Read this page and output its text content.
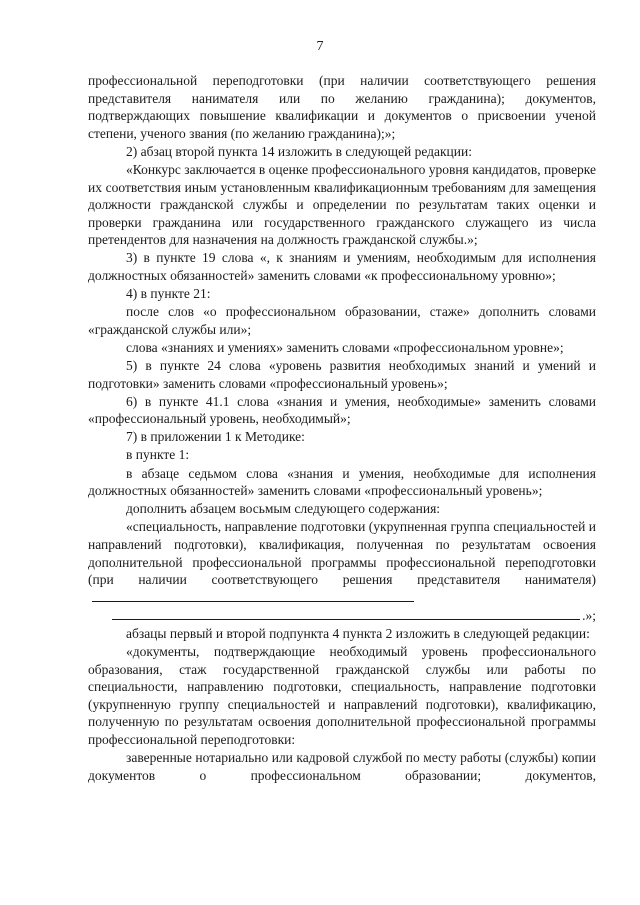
7

профессиональной переподготовки (при наличии соответствующего решения представителя нанимателя или по желанию гражданина); документов, подтверждающих повышение квалификации и документов о присвоении ученой степени, ученого звания (по желанию гражданина);»;

2) абзац второй пункта 14 изложить в следующей редакции:

«Конкурс заключается в оценке профессионального уровня кандидатов, проверке их соответствия иным установленным квалификационным требованиям для замещения должности гражданской службы и определении по результатам таких оценки и проверки гражданина или государственного гражданского служащего из числа претендентов для назначения на должность гражданской службы.»;

3) в пункте 19 слова «, к знаниям и умениям, необходимым для исполнения должностных обязанностей» заменить словами «к профессиональному уровню»;

4) в пункте 21:

после слов «о профессиональном образовании, стаже» дополнить словами «гражданской службы или»;

слова «знаниях и умениях» заменить словами «профессиональном уровне»;

5) в пункте 24 слова «уровень развития необходимых знаний и умений и подготовки» заменить словами «профессиональный уровень»;

6) в пункте 41.1 слова «знания и умения, необходимые» заменить словами «профессиональный уровень, необходимый»;

7) в приложении 1 к Методике:

в пункте 1:

в абзаце седьмом слова «знания и умения, необходимые для исполнения должностных обязанностей» заменить словами «профессиональный уровень»;

дополнить абзацем восьмым следующего содержания:

«специальность, направление подготовки (укрупненная группа специальностей и направлений подготовки), квалификация, полученная по результатам освоения дополнительной профессиональной программы профессиональной переподготовки (при наличии соответствующего решения представителя нанимателя)

.»;

абзацы первый и второй подпункта 4 пункта 2 изложить в следующей редакции:

«документы, подтверждающие необходимый уровень профессионального образования, стаж государственной гражданской службы или работы по специальности, направлению подготовки, специальность, направление подготовки (укрупненную группу специальностей и направлений подготовки), квалификацию, полученную по результатам освоения дополнительной профессиональной программы профессиональной переподготовки:

заверенные нотариально или кадровой службой по месту работы (службы) копии документов о профессиональном образовании; документов,
